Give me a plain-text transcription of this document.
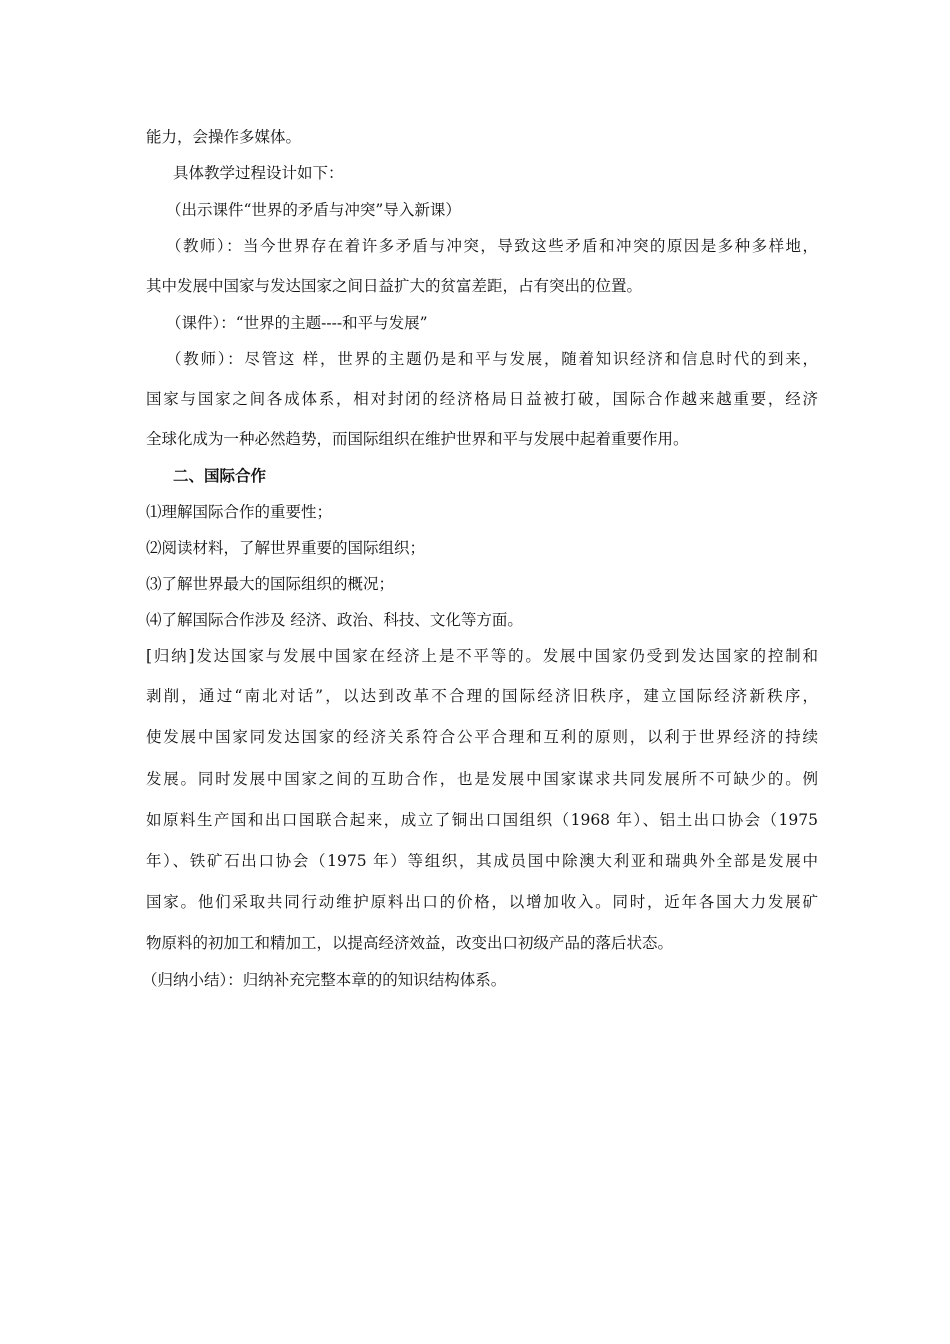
能力，会操作多媒体。
具体教学过程设计如下：
（出示课件“世界的矛盾与冲突”导入新课）
（教师）：当今世界存在着许多矛盾与冲突，导致这些矛盾和冲突的原因是多种多样地，
其中发展中国家与发达国家之间日益扩大的贫富差距，占有突出的位置。
（课件）：“世界的主题----和平与发展”
（教师）：尽管这 样，世界的主题仍是和平与发展，随着知识经济和信息时代的到来，
国家与国家之间各成体系，相对封闭的经济格局日益被打破，国际合作越来越重要，经济
全球化成为一种必然趋势，而国际组织在维护世界和平与发展中起着重要作用。
二、国际合作
⑴理解国际合作的重要性；
⑵阅读材料，了解世界重要的国际组织；
⑶了解世界最大的国际组织的概况；
⑷了解国际合作涉及 经济、政治、科技、文化等方面。
[归纳]发达国家与发展中国家在经济上是不平等的。发展中国家仍受到发达国家的控制和
剥削，通过“南北对话”，以达到改革不合理的国际经济旧秩序，建立国际经济新秩序，
使发展中国家同发达国家的经济关系符合公平合理和互利的原则，以利于世界经济的持续
发展。同时发展中国家之间的互助合作，也是发展中国家谋求共同发展所不可缺少的。例
如原料生产国和出口国联合起来，成立了铜出口国组织（1968 年）、铝土出口协会（1975
年）、铁矿石出口协会（1975 年）等组织，其成员国中除澳大利亚和瑞典外全部是发展中
国家。他们采取共同行动维护原料出口的价格，以增加收入。同时，近年各国大力发展矿
物原料的初加工和精加工，以提高经济效益，改变出口初级产品的落后状态。
（归纳小结）：归纳补充完整本章的的知识结构体系。
